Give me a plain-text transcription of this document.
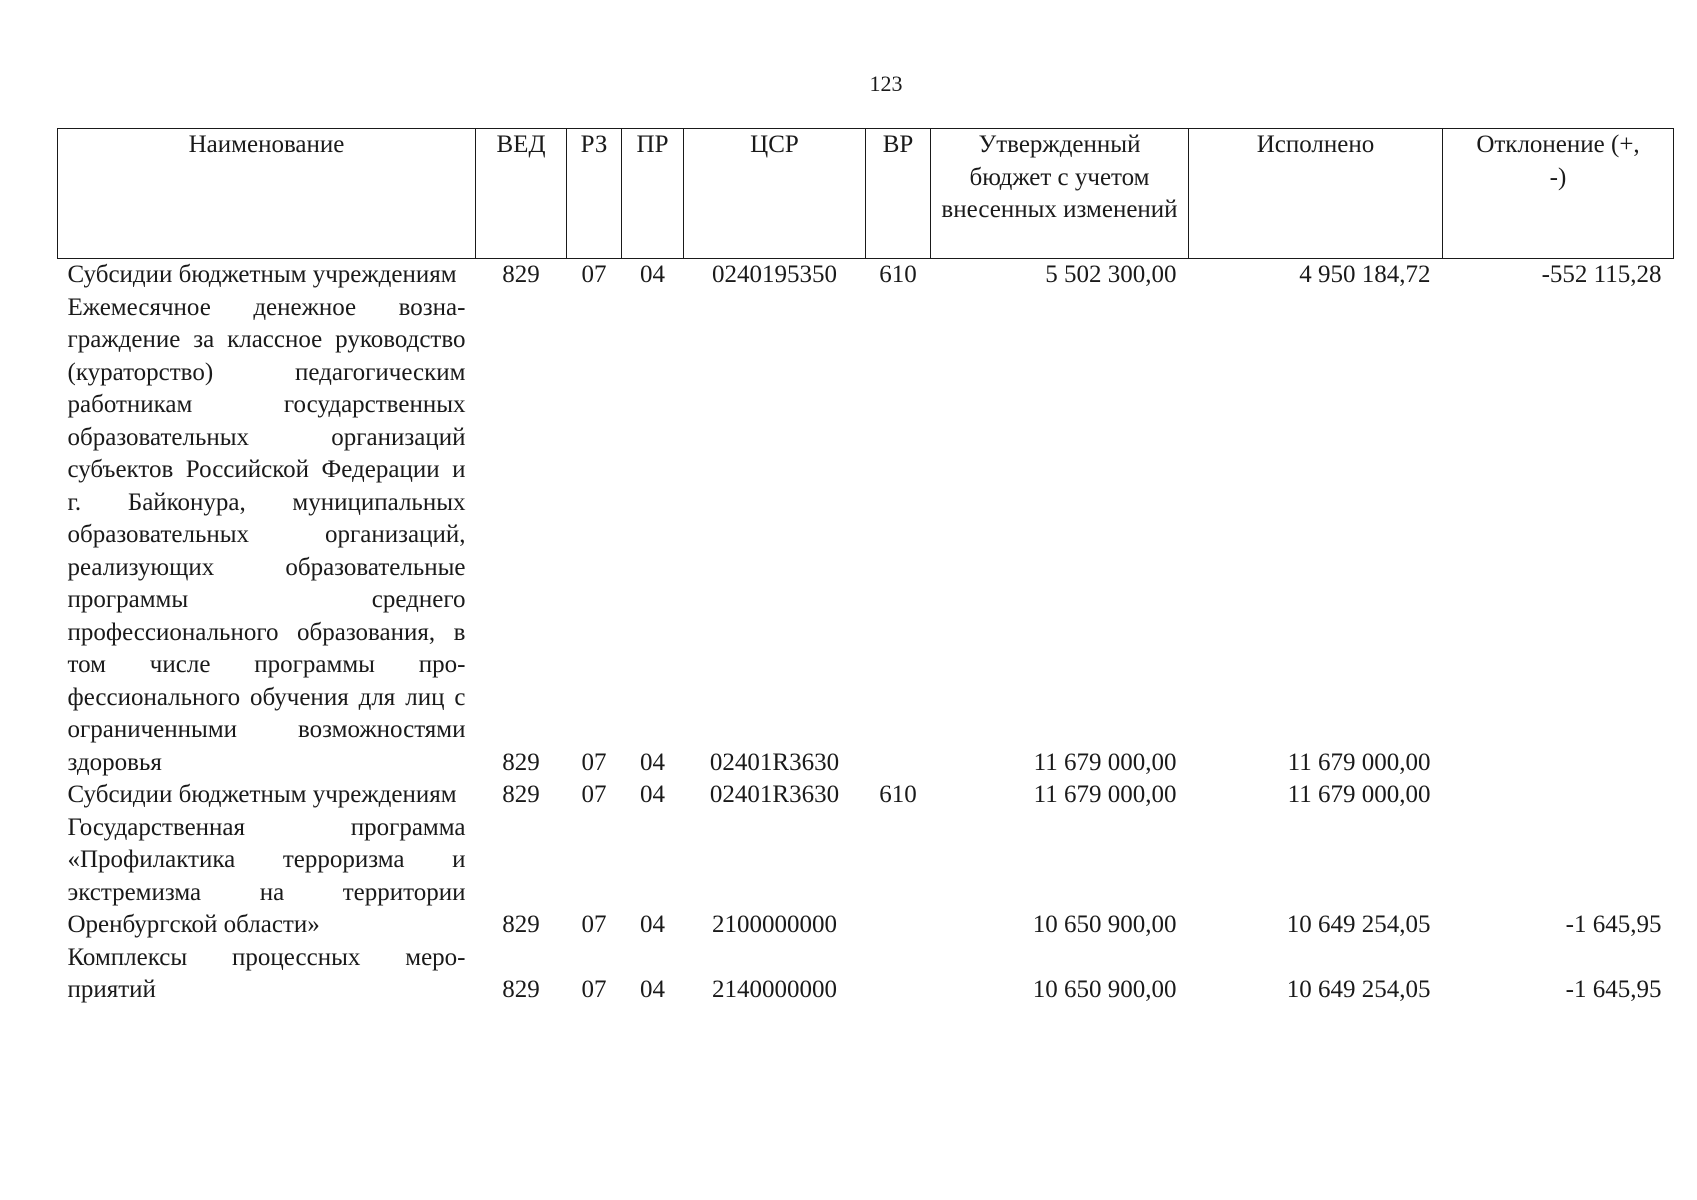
123
Наименование	ВЕД	РЗ	ПР	ЦСР	ВР	Утвержденный бюджет с учетом внесенных изменений	Исполнено	Отклонение (+, -)
Субсидии бюджетным учреждениям	829	07	04	0240195350	610	5 502 300,00	4 950 184,72	-552 115,28
Ежемесячное денежное вознаграждение за классное руководство (кураторство) педагогическим работникам государственных образовательных организаций субъектов Российской Федерации и г. Байконура, муниципальных образовательных организаций, реализующих образовательные программы среднего профессионального образования, в том числе программы профессионального обучения для лиц с ограниченными возможностями здоровья	829	07	04	02401R3630		11 679 000,00	11 679 000,00	
Субсидии бюджетным учреждениям	829	07	04	02401R3630	610	11 679 000,00	11 679 000,00	
Государственная программа «Профилактика терроризма и экстремизма на территории Оренбургской области»	829	07	04	2100000000		10 650 900,00	10 649 254,05	-1 645,95
Комплексы процессных мероприятий	829	07	04	2140000000		10 650 900,00	10 649 254,05	-1 645,95
